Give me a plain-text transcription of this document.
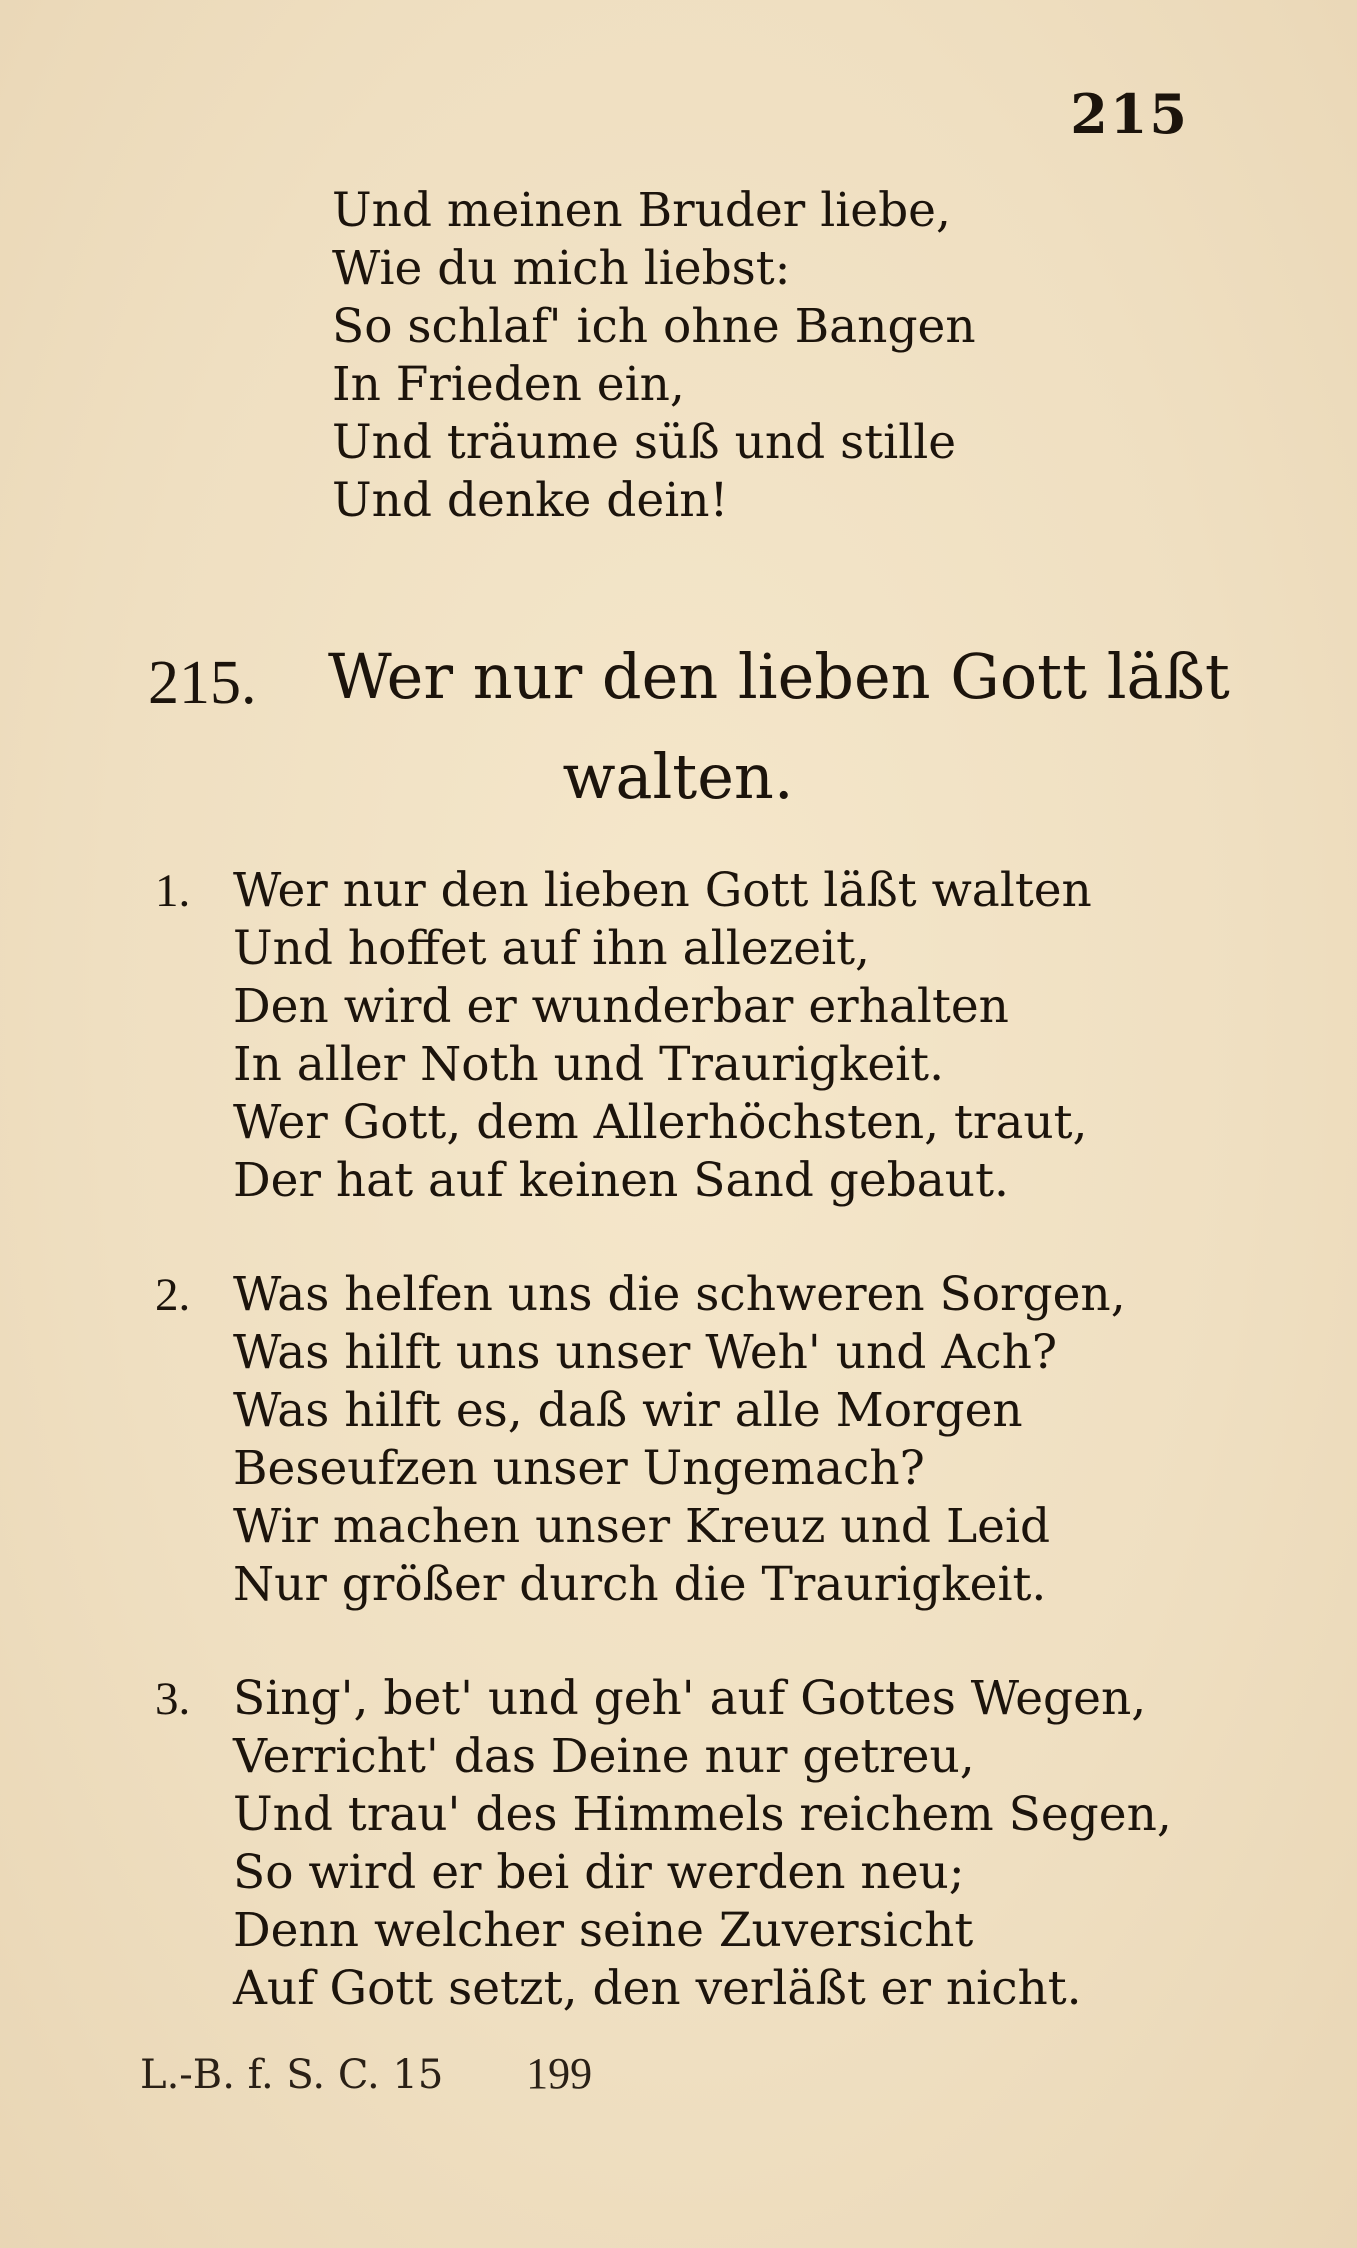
215
Und meinen Bruder liebe,
Wie du mich liebst:
So schlaf' ich ohne Bangen
In Frieden ein,
Und träume süß und stille
Und denke dein!
215. Wer nur den lieben Gott läßt
walten.
1. Wer nur den lieben Gott läßt walten
Und hoffet auf ihn allezeit,
Den wird er wunderbar erhalten
In aller Noth und Traurigkeit.
Wer Gott, dem Allerhöchsten, traut,
Der hat auf keinen Sand gebaut.
2. Was helfen uns die schweren Sorgen,
Was hilft uns unser Weh' und Ach?
Was hilft es, daß wir alle Morgen
Beseufzen unser Ungemach?
Wir machen unser Kreuz und Leid
Nur größer durch die Traurigkeit.
3. Sing', bet' und geh' auf Gottes Wegen,
Verricht' das Deine nur getreu,
Und trau' des Himmels reichem Segen,
So wird er bei dir werden neu;
Denn welcher seine Zuversicht
Auf Gott setzt, den verläßt er nicht.
L.-B. f. S. C. 15 199
